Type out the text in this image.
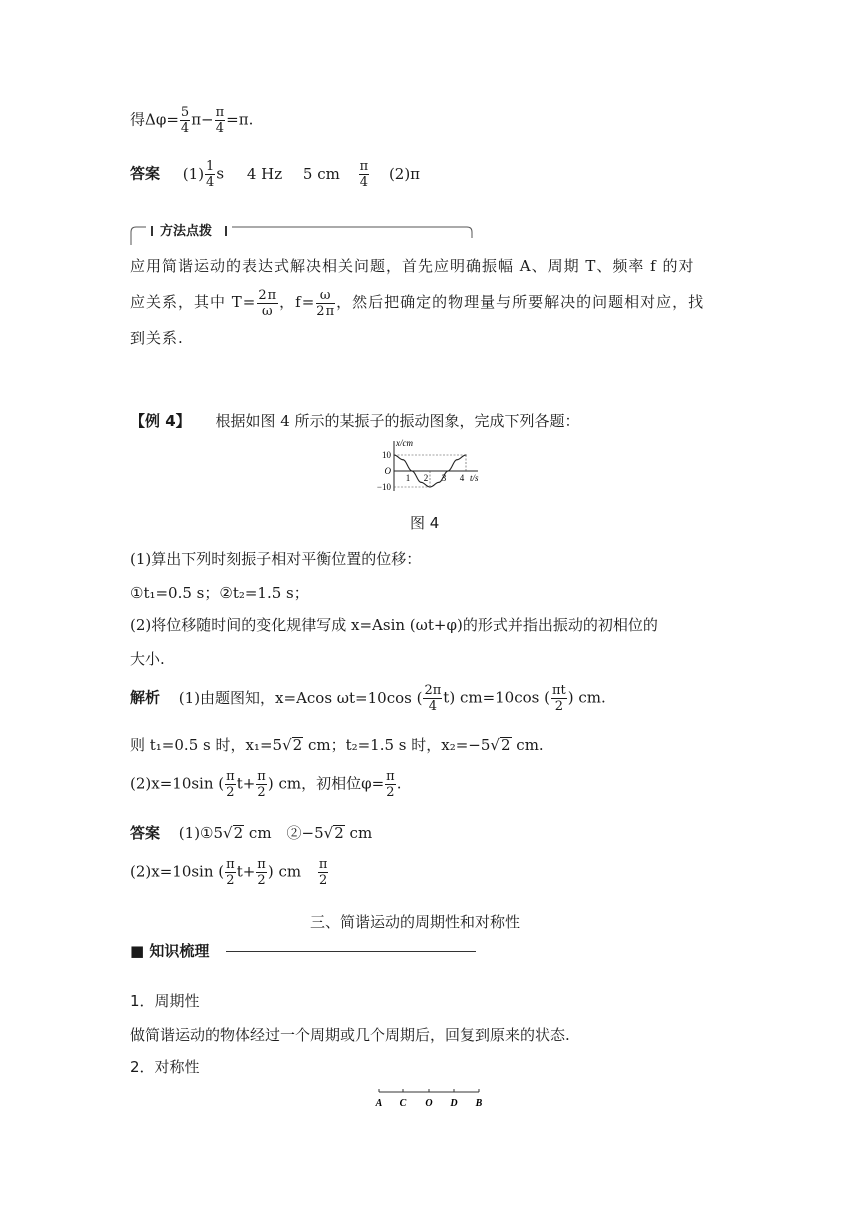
得$\Delta\varphi= \frac{5}{4} \pi- \frac{\pi}{4} =\pi$.
答案 $(1) \frac{1}{4}$ s 4 Hz 5 cm $\frac{\pi}{4} (2)\pi$
方法点拨
应用简谐运动的表达式解决相关问题，首先应明确振幅 A、周期 T、频率 f 的对
应关系，其中 $T= \frac{2\pi}{\omega}$ ，$f= \frac{\omega}{2\pi}$ ，然后把确定的物理量与所要解决的问题相对应，找
到关系.
【例 4】 根据如图 4 所示的某振子的振动图象，完成下列各题：
10
O
−10
1 2 3 4
x/cm
t/s
图 4
(1)算出下列时刻振子相对平衡位置的位移：
①t₁=0.5 s；②t₂=1.5 s；
(2)将位移随时间的变化规律写成 x=Asin (ωt+φ)的形式并指出振动的初相位的
大小.
解析 (1)由题图知，x=Acos ωt=10cos ( $\frac{2\pi}{4} t$) cm=10cos ( $\frac{\pi t}{2}$ ) cm.
则 t₁=0.5 s 时，x₁=5√2 cm；t₂=1.5 s 时，x₂=−5√2 cm.
(2)x=10sin ( $\frac{\pi}{2} t+ \frac{\pi}{2}$ ) cm，初相位$\varphi= \frac{\pi}{2}$ .
答案 (1)①5√2 cm　②−5√2 cm
(2)x=10sin ( $\frac{\pi}{2} t+ \frac{\pi}{2}$ ) cm $\frac{\pi}{2}$
三、简谐运动的周期性和对称性
■ 知识梳理
1．周期性
做简谐运动的物体经过一个周期或几个周期后，回复到原来的状态.
2．对称性
A C O D B
